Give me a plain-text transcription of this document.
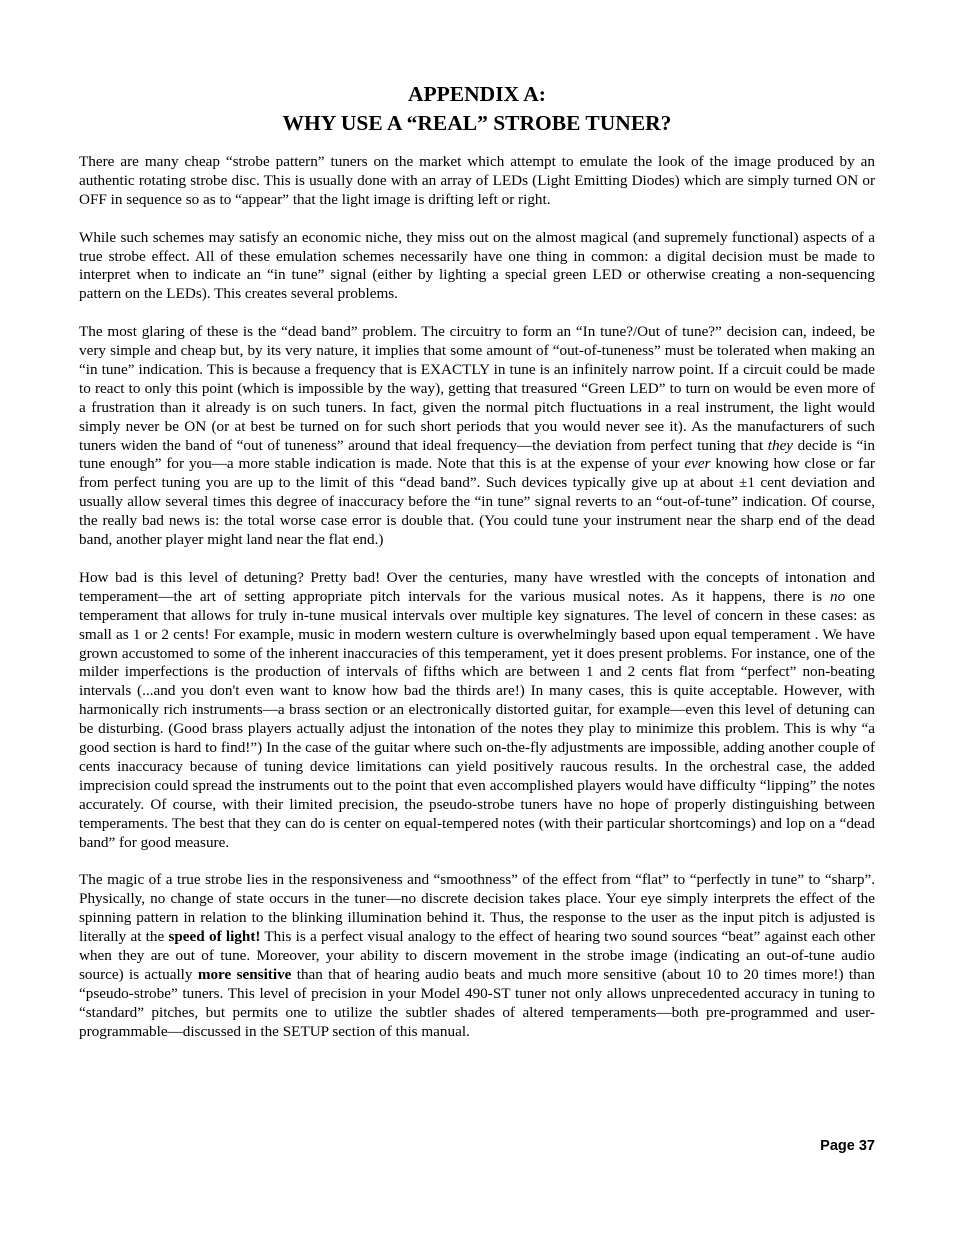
APPENDIX A:
WHY USE A “REAL” STROBE TUNER?

There are many cheap “strobe pattern” tuners on the market which attempt to emulate the look of the image produced by an authentic rotating strobe disc. This is usually done with an array of LEDs (Light Emitting Diodes) which are simply turned ON or OFF in sequence so as to “appear” that the light image is drifting left or right.

While such schemes may satisfy an economic niche, they miss out on the almost magical (and supremely functional) aspects of a true strobe effect. All of these emulation schemes necessarily have one thing in common: a digital decision must be made to interpret when to indicate an “in tune” signal (either by lighting a special green LED or otherwise creating a non-sequencing pattern on the LEDs). This creates several problems.

The most glaring of these is the “dead band” problem. The circuitry to form an “In tune?/Out of tune?” decision can, indeed, be very simple and cheap but, by its very nature, it implies that some amount of “out-of-tuneness” must be tolerated when making an “in tune” indication. This is because a frequency that is EXACTLY in tune is an infinitely narrow point. If a circuit could be made to react to only this point (which is impossible by the way), getting that treasured “Green LED” to turn on would be even more of a frustration than it already is on such tuners. In fact, given the normal pitch fluctuations in a real instrument, the light would simply never be ON (or at best be turned on for such short periods that you would never see it). As the manufacturers of such tuners widen the band of “out of tuneness” around that ideal frequency—the deviation from perfect tuning that they decide is “in tune enough” for you—a more stable indication is made. Note that this is at the expense of your ever knowing how close or far from perfect tuning you are up to the limit of this “dead band”. Such devices typically give up at about ±1 cent deviation and usually allow several times this degree of inaccuracy before the “in tune” signal reverts to an “out-of-tune” indication. Of course, the really bad news is: the total worse case error is double that. (You could tune your instrument near the sharp end of the dead band, another player might land near the flat end.)

How bad is this level of detuning? Pretty bad! Over the centuries, many have wrestled with the concepts of intonation and temperament—the art of setting appropriate pitch intervals for the various musical notes. As it happens, there is no one temperament that allows for truly in-tune musical intervals over multiple key signatures. The level of concern in these cases: as small as 1 or 2 cents! For example, music in modern western culture is overwhelmingly based upon equal temperament . We have grown accustomed to some of the inherent inaccuracies of this temperament, yet it does present problems. For instance, one of the milder imperfections is the production of intervals of fifths which are between 1 and 2 cents flat from “perfect” non-beating intervals (...and you don't even want to know how bad the thirds are!) In many cases, this is quite acceptable. However, with harmonically rich instruments—a brass section or an electronically distorted guitar, for example—even this level of detuning can be disturbing. (Good brass players actually adjust the intonation of the notes they play to minimize this problem. This is why “a good section is hard to find!”) In the case of the guitar where such on-the-fly adjustments are impossible, adding another couple of cents inaccuracy because of tuning device limitations can yield positively raucous results. In the orchestral case, the added imprecision could spread the instruments out to the point that even accomplished players would have difficulty “lipping” the notes accurately. Of course, with their limited precision, the pseudo-strobe tuners have no hope of properly distinguishing between temperaments. The best that they can do is center on equal-tempered notes (with their particular shortcomings) and lop on a “dead band” for good measure.

The magic of a true strobe lies in the responsiveness and “smoothness” of the effect from “flat” to “perfectly in tune” to “sharp”. Physically, no change of state occurs in the tuner—no discrete decision takes place. Your eye simply interprets the effect of the spinning pattern in relation to the blinking illumination behind it. Thus, the response to the user as the input pitch is adjusted is literally at the speed of light! This is a perfect visual analogy to the effect of hearing two sound sources “beat” against each other when they are out of tune. Moreover, your ability to discern movement in the strobe image (indicating an out-of-tune audio source) is actually more sensitive than that of hearing audio beats and much more sensitive (about 10 to 20 times more!) than “pseudo-strobe” tuners. This level of precision in your Model 490-ST tuner not only allows unprecedented accuracy in tuning to “standard” pitches, but permits one to utilize the subtler shades of altered temperaments—both pre-programmed and user-programmable—discussed in the SETUP section of this manual.

Page 37
